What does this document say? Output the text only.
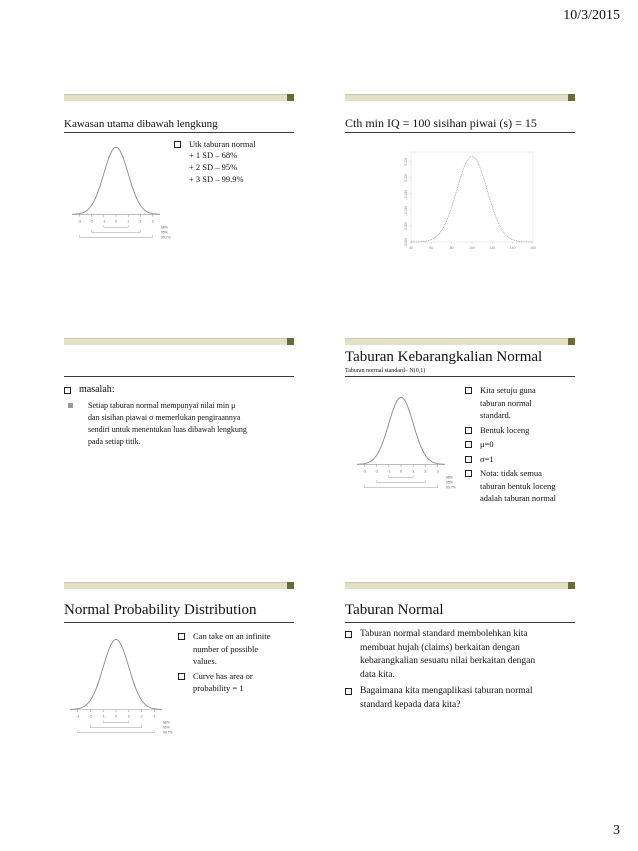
10/3/2015
Kawasan utama dibawah lengkung
-3 -2 -1 0	1	2	3
68%
95%
99.7%
Utk taburan normal
+ 1 SD – 68%
+ 2 SD – 95%
+ 3 SD – 99.9%
Cth min IQ = 100 sisihan piwai (s) = 15
40	60	80	100	120	140	160
0.000
0.005
0.010
0.015
0.020
0.025
masalah:
Setiap taburan normal mempunyai nilai min μ
dan sisihan piawai σ memerlukan pengiraannya
sendiri untuk menentukan luas dibawah lengkung
pada setiap titik.
Taburan Kebarangkalian Normal
Taburan normal standard– N(0,1)
-3 -2 -1 0	1	2	3
68%
95%
99.7%
Kita setuju guna
taburan normal
standard.
Bentuk loceng
μ=0
σ=1
Nota: tidak semua
taburan bentuk loceng
adalah taburan normal
Normal Probability Distribution
-3 -2 -1	0	1	2	3
68%
95%
99.7%
Can take on an infinite
number of possible
values.
Curve has area or
probability = 1
Taburan Normal
Taburan normal standard membolehkan kita
membuat hujah (claims) berkaitan dengan
kebarangkalian sesuatu nilai berkaitan dengan
data kita.
Bagaimana kita mengaplikasi taburan normal
standard kepada data kita?
3
